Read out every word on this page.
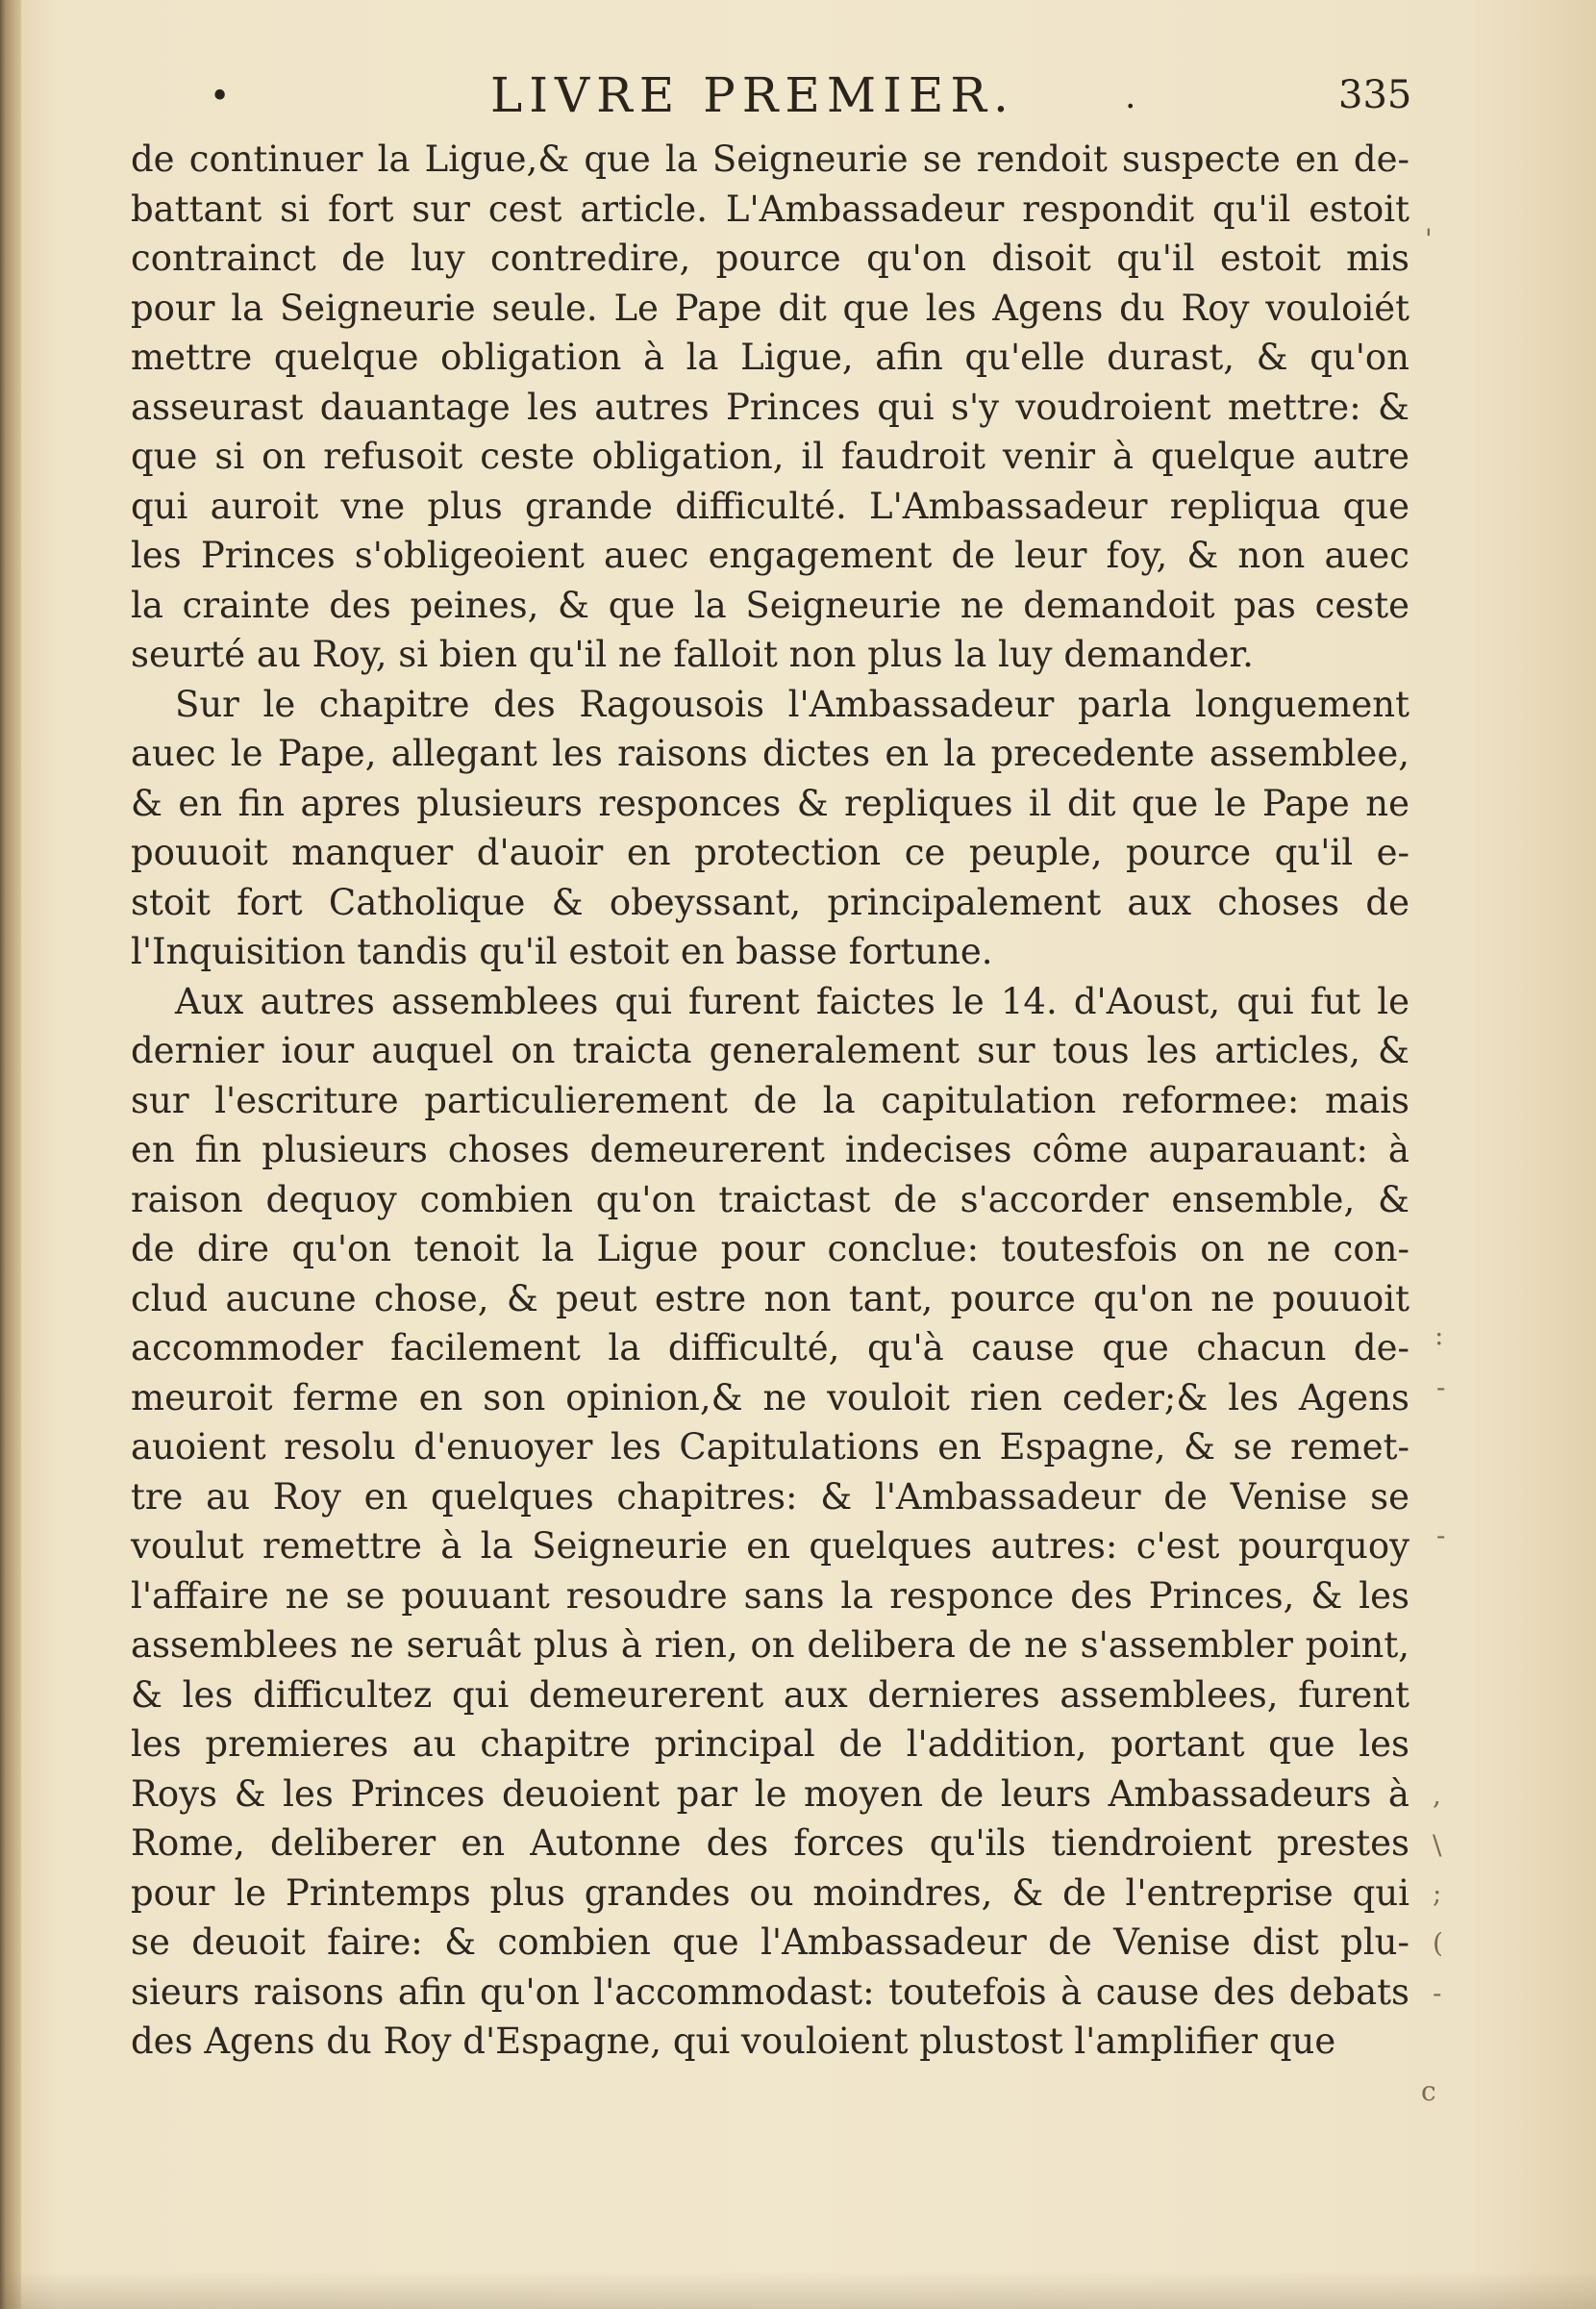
•	LIVRE PREMIER.	.	335
de continuer la Ligue,& que la Seigneurie se rendoit suspecte en de-
battant si fort sur cest article. L'Ambassadeur respondit qu'il estoit
contrainct de luy contredire, pource qu'on disoit qu'il estoit mis
pour la Seigneurie seule. Le Pape dit que les Agens du Roy vouloiét
mettre quelque obligation à la Ligue, afin qu'elle durast, & qu'on
asseurast dauantage les autres Princes qui s'y voudroient mettre: &
que si on refusoit ceste obligation, il faudroit venir à quelque autre
qui auroit vne plus grande difficulté. L'Ambassadeur repliqua que
les Princes s'obligeoient auec engagement de leur foy, & non auec
la crainte des peines, & que la Seigneurie ne demandoit pas ceste
seurté au Roy, si bien qu'il ne falloit non plus la luy demander.
Sur le chapitre des Ragousois l'Ambassadeur parla longuement
auec le Pape, allegant les raisons dictes en la precedente assemblee,
& en fin apres plusieurs responces & repliques il dit que le Pape ne
pouuoit manquer d'auoir en protection ce peuple, pource qu'il e-
stoit fort Catholique & obeyssant, principalement aux choses de
l'Inquisition tandis qu'il estoit en basse fortune.
Aux autres assemblees qui furent faictes le 14. d'Aoust, qui fut le
dernier iour auquel on traicta generalement sur tous les articles, &
sur l'escriture particulierement de la capitulation reformee: mais
en fin plusieurs choses demeurerent indecises côme auparauant: à
raison dequoy combien qu'on traictast de s'accorder ensemble, &
de dire qu'on tenoit la Ligue pour conclue: toutesfois on ne con-
clud aucune chose, & peut estre non tant, pource qu'on ne pouuoit
accommoder facilement la difficulté, qu'à cause que chacun de-
meuroit ferme en son opinion,& ne vouloit rien ceder;& les Agens
auoient resolu d'enuoyer les Capitulations en Espagne, & se remet-
tre au Roy en quelques chapitres: & l'Ambassadeur de Venise se
voulut remettre à la Seigneurie en quelques autres: c'est pourquoy
l'affaire ne se pouuant resoudre sans la responce des Princes, & les
assemblees ne seruât plus à rien, on delibera de ne s'assembler point,
& les difficultez qui demeurerent aux dernieres assemblees, furent
les premieres au chapitre principal de l'addition, portant que les
Roys & les Princes deuoient par le moyen de leurs Ambassadeurs à
Rome, deliberer en Autonne des forces qu'ils tiendroient prestes
pour le Printemps plus grandes ou moindres, & de l'entreprise qui
se deuoit faire: & combien que l'Ambassadeur de Venise dist plu-
sieurs raisons afin qu'on l'accommodast: toutefois à cause des debats
des Agens du Roy d'Espagne, qui vouloient plustost l'amplifier que
'
,
-
:
-
\
;
(
-
c
